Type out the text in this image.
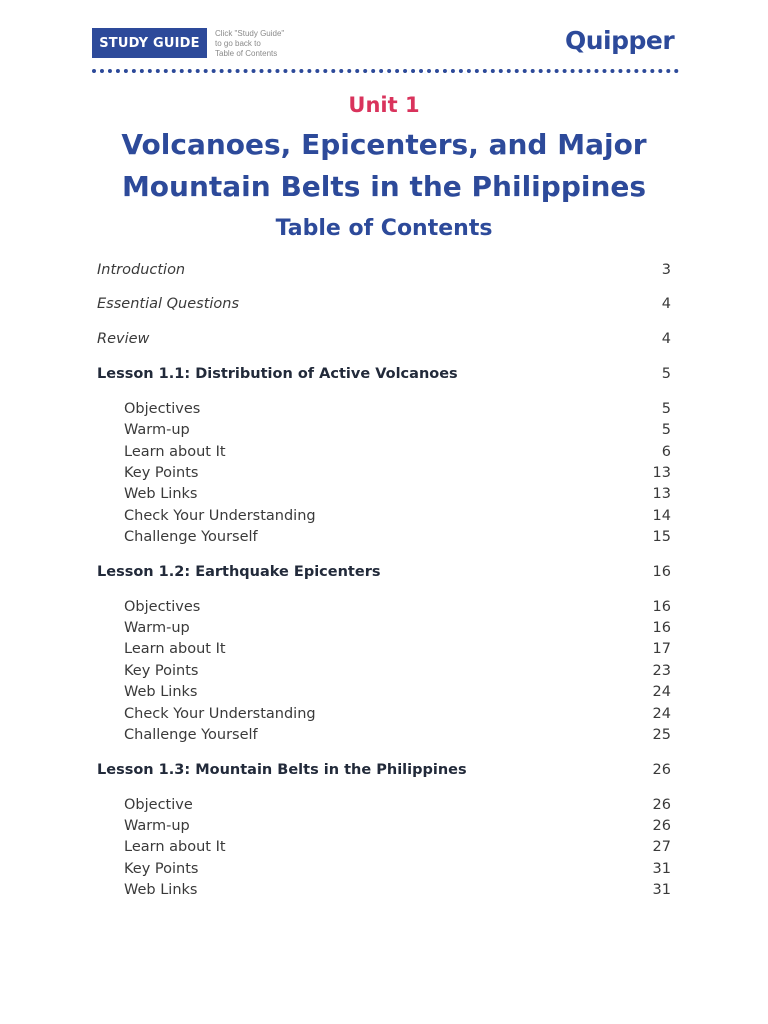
STUDY GUIDE
Click "Study Guide"
to go back to
Table of Contents	Quipper
Unit 1
Volcanoes, Epicenters, and Major
Mountain Belts in the Philippines
Table of Contents
Introduction	3
Essential Questions	4
Review	4
Lesson 1.1: Distribution of Active Volcanoes	5
Objectives	5
Warm-up	5
Learn about It	6
Key Points	13
Web Links	13
Check Your Understanding	14
Challenge Yourself	15
Lesson 1.2: Earthquake Epicenters	16
Objectives	16
Warm-up	16
Learn about It	17
Key Points	23
Web Links	24
Check Your Understanding	24
Challenge Yourself	25
Lesson 1.3: Mountain Belts in the Philippines	26
Objective	26
Warm-up	26
Learn about It	27
Key Points	31
Web Links	31
